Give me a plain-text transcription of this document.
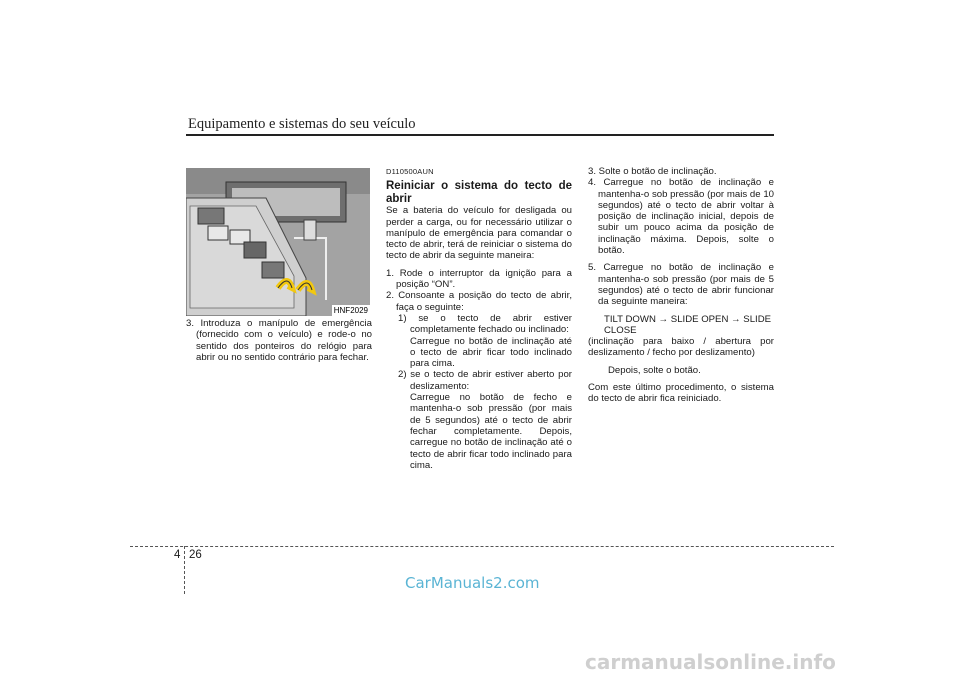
Equipamento e sistemas do seu veículo
HNF2029

3. Introduza o manípulo de emergência (fornecido com o veículo) e rode-o no sentido dos ponteiros do relógio para abrir ou no sentido contrário para fechar.

D110500AUN

Reiniciar o sistema do tecto de abrir

Se a bateria do veículo for desligada ou perder a carga, ou for necessário utilizar o manípulo de emergência para comandar o tecto de abrir, terá de reiniciar o sistema do tecto de abrir da seguinte maneira:

1. Rode o interruptor da ignição para a posição “ON”.

2. Consoante a posição do tecto de abrir, faça o seguinte:

1) se o tecto de abrir estiver completamente fechado ou inclinado:

Carregue no botão de inclinação até o tecto de abrir ficar todo inclinado para cima.

2) se o tecto de abrir estiver aberto por deslizamento:

Carregue no botão de fecho e mantenha-o sob pressão (por mais de 5 segundos) até o tecto de abrir fechar completamente. Depois, carregue no botão de inclinação até o tecto de abrir ficar todo inclinado para cima.

3. Solte o botão de inclinação.

4. Carregue no botão de inclinação e mantenha-o sob pressão (por mais de 10 segundos) até o tecto de abrir voltar à posição de inclinação inicial, depois de subir um pouco acima da posição de inclinação máxima. Depois, solte o botão.

5. Carregue no botão de inclinação e mantenha-o sob pressão (por mais de 5 segundos) até o tecto de abrir funcionar da seguinte maneira:

TILT DOWN → SLIDE OPEN → SLIDE CLOSE

(inclinação para baixo / abertura por deslizamento / fecho por deslizamento)

Depois, solte o botão.

Com este último procedimento, o sistema do tecto de abrir fica reiniciado.

4 26
CarManuals2.com
carmanualsonline.info
